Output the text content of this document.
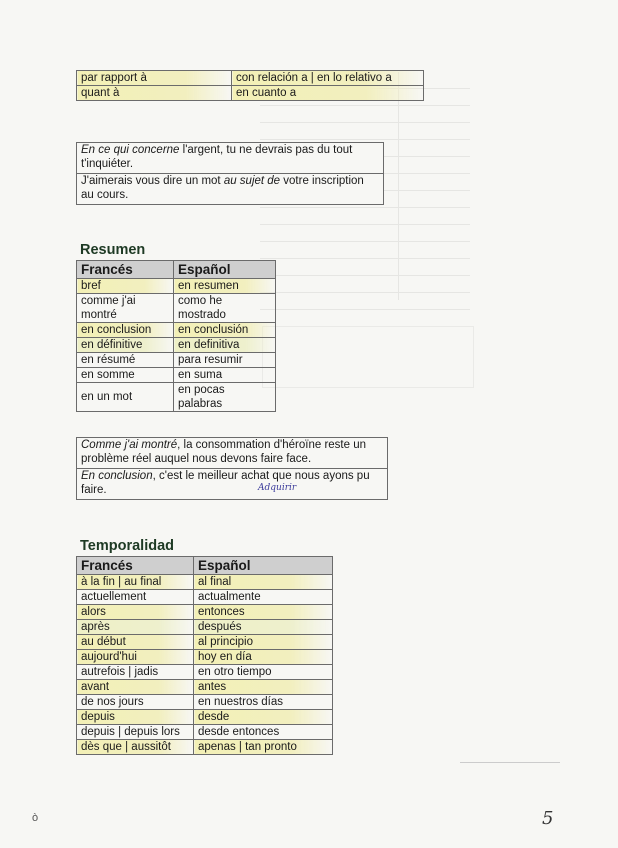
par rapport à	con relación a | en lo relativo a
quant à	en cuanto a

En ce qui concerne l'argent, tu ne devrais pas du tout t'inquiéter.

J'aimerais vous dire un mot au sujet de votre inscription au cours.

Resumen
Francés	Español
bref	en resumen
comme j'ai montré	como he mostrado
en conclusion	en conclusión
en définitive	en definitiva
en résumé	para resumir
en somme	en suma
en un mot	en pocas palabras

Comme j'ai montré, la consommation d'héroïne reste un problème réel auquel nous devons faire face.

En conclusion, c'est le meilleur achat que nous ayons pu faire.	Adquirir
Temporalidad
Francés	Español
à la fin | au final	al final
actuellement	actualmente
alors	entonces
après	después
au début	al principio
aujourd'hui	hoy en día
autrefois | jadis	en otro tiempo
avant	antes
de nos jours	en nuestros días
depuis	desde
depuis | depuis lors	desde entonces
dès que | aussitôt	apenas | tan pronto
ò	5
